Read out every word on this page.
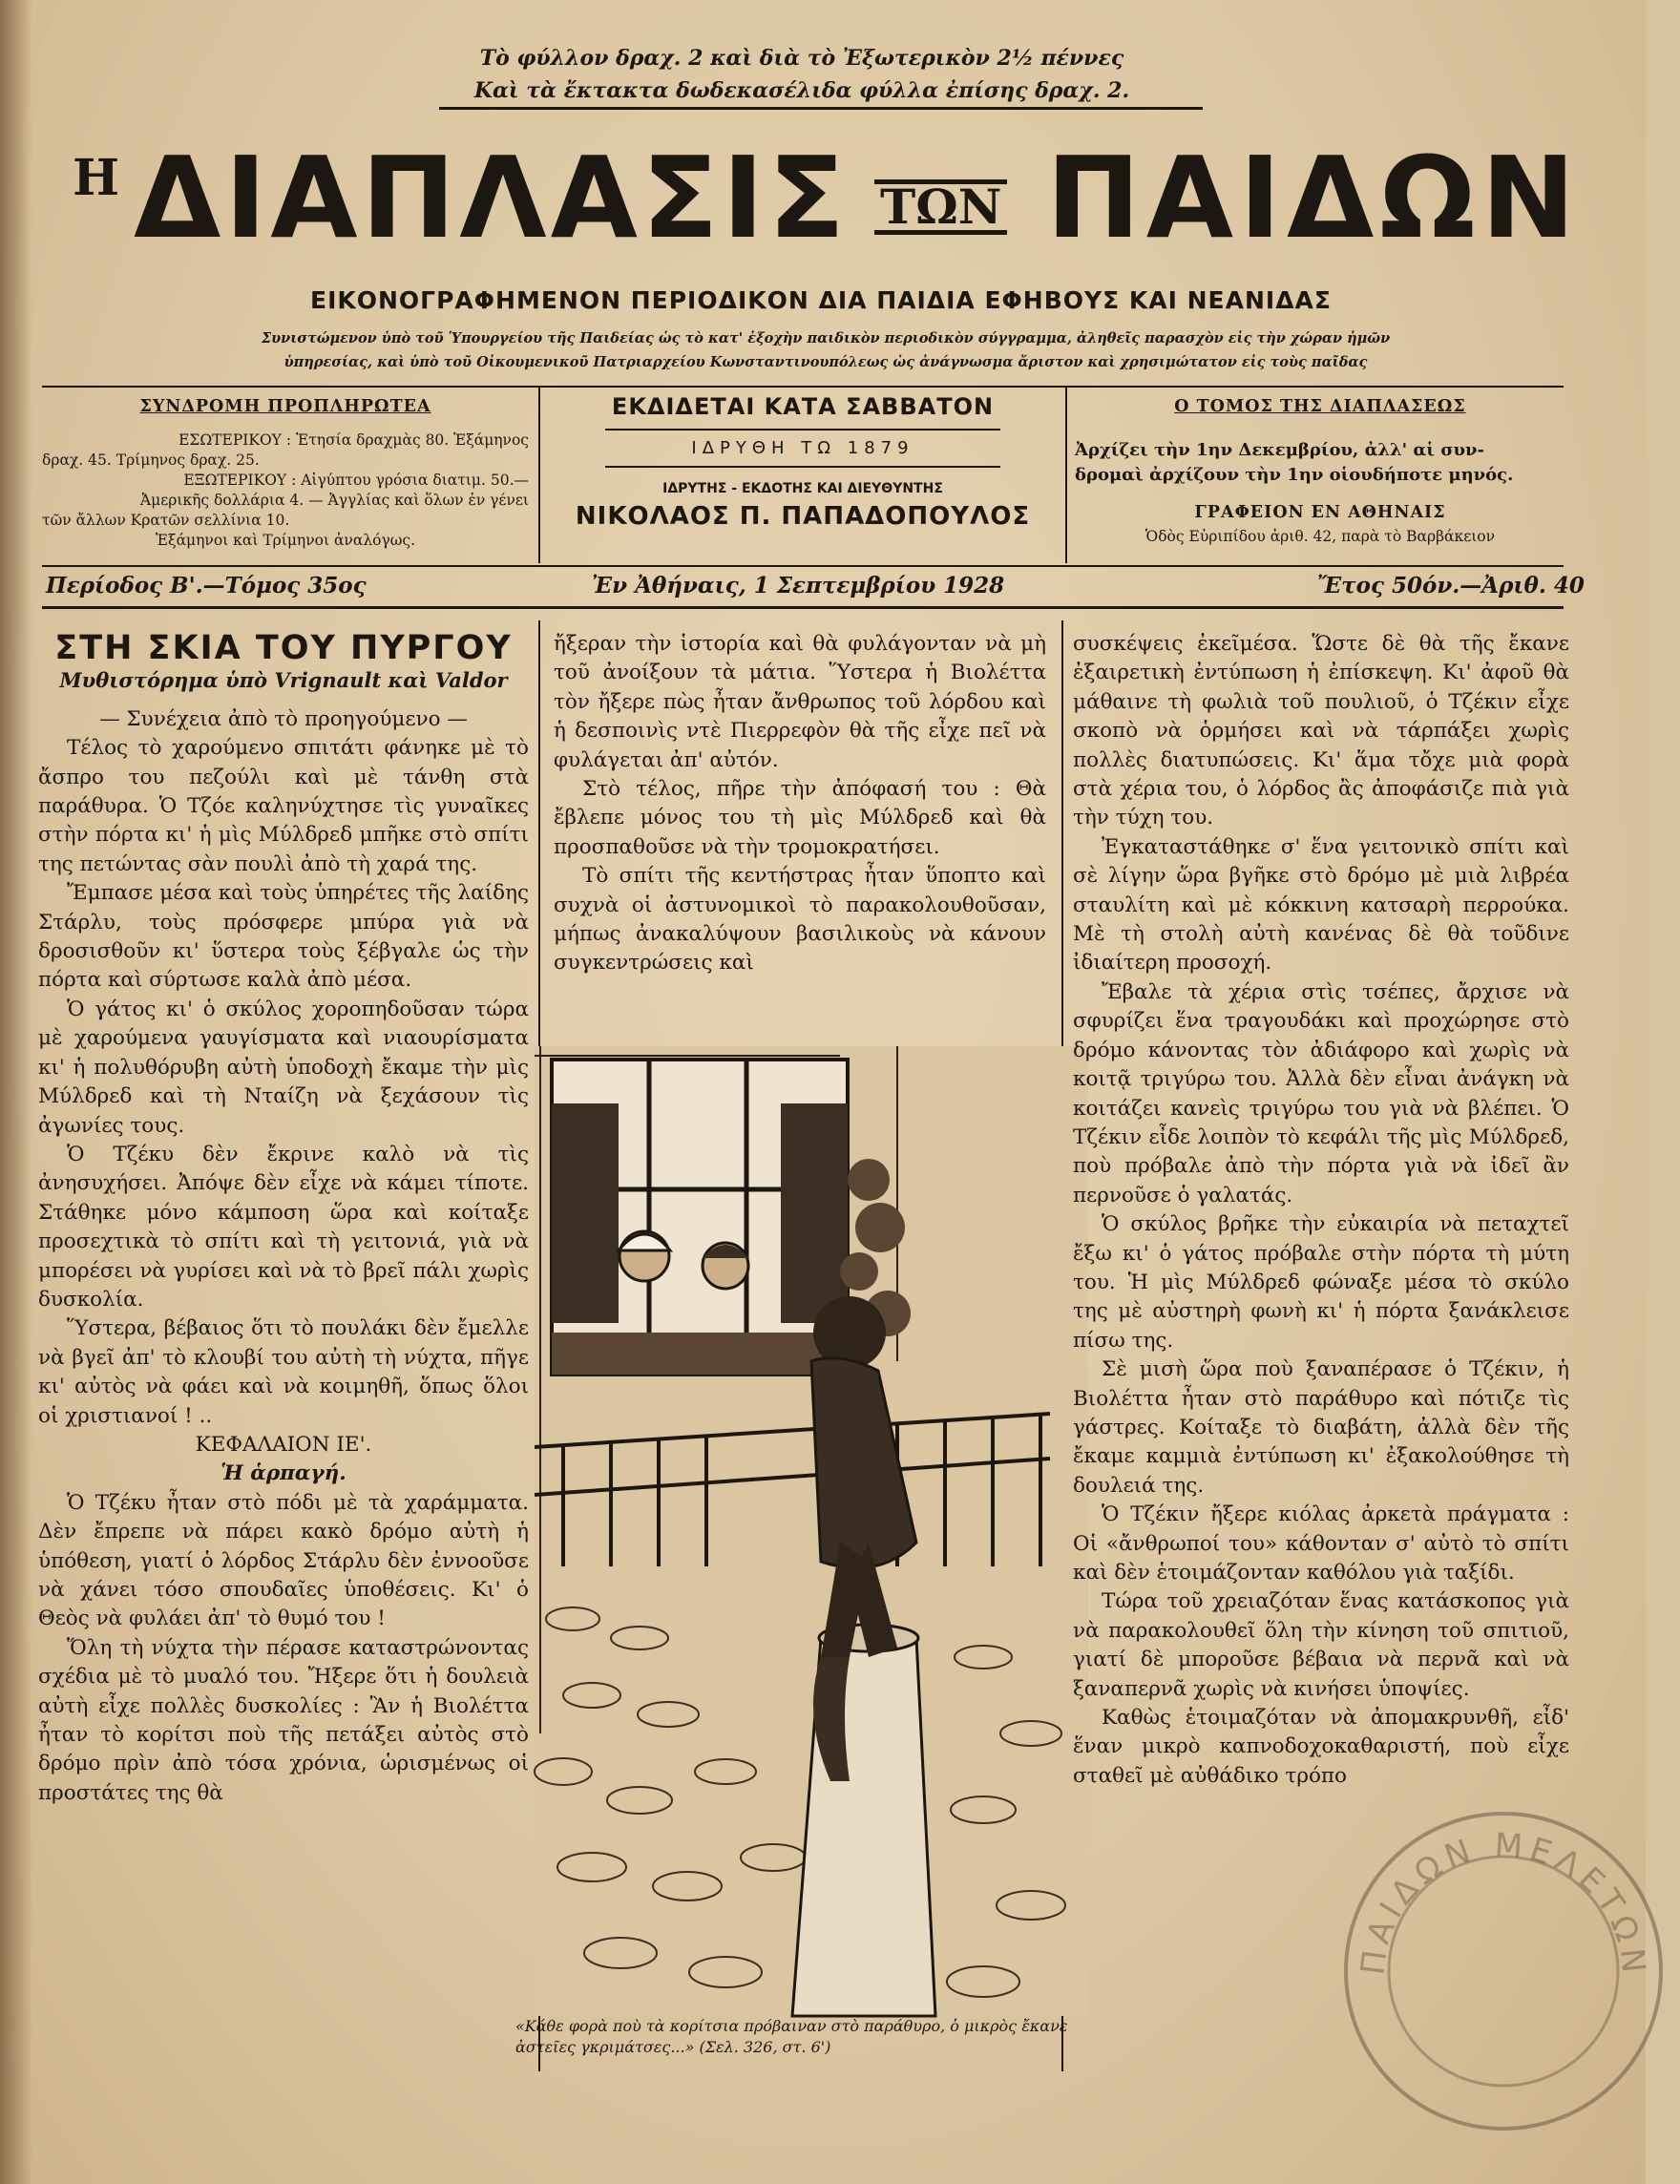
Τὸ φύλλον δραχ. 2 καὶ διὰ τὸ Ἐξωτερικὸν 2½ πέννες
Καὶ τὰ ἔκτακτα δωδεκασέλιδα φύλλα ἐπίσης δραχ. 2.
Η ΔΙΑΠΛΑΣΙΣ ΤΩΝ ΠΑΙΔΩΝ
ΕΙΚΟΝΟΓΡΑΦΗΜΕΝΟΝ ΠΕΡΙΟΔΙΚΟΝ ΔΙΑ ΠΑΙΔΙΑ ΕΦΗΒΟΥΣ ΚΑΙ ΝΕΑΝΙΔΑΣ
Συνιστώμενον ὑπὸ τοῦ Ὑπουργείου τῆς Παιδείας ὡς τὸ κατ' ἐξοχὴν παιδικὸν περιοδικὸν σύγγραμμα, ἀληθεῖς παρασχὸν εἰς τὴν χώραν ἡμῶν
ὑπηρεσίας, καὶ ὑπὸ τοῦ Οἰκουμενικοῦ Πατριαρχείου Κωνσταντινουπόλεως ὡς ἀνάγνωσμα ἄριστον καὶ χρησιμώτατον εἰς τοὺς παῖδας
ΣΥΝΔΡΟΜΗ ΠΡΟΠΛΗΡΩΤΕΑ
ΕΣΩΤΕΡΙΚΟΥ : Ἐτησία δραχμὰς 80. Ἑξάμηνος
δραχ. 45. Τρίμηνος δραχ. 25.
ΕΞΩΤΕΡΙΚΟΥ : Αἰγύπτου γρόσια διατιμ. 50.—
Ἀμερικῆς δολλάρια 4. — Ἀγγλίας καὶ ὅλων ἐν γένει
τῶν ἄλλων Κρατῶν σελλίνια 10.
Ἑξάμηνοι καὶ Τρίμηνοι ἀναλόγως.
ΕΚΔΙΔΕΤΑΙ ΚΑΤΑ ΣΑΒΒΑΤΟΝ
ΙΔΡΥΘΗ ΤΩ 1879
ΙΔΡΥΤΗΣ - ΕΚΔΟΤΗΣ ΚΑΙ ΔΙΕΥΘΥΝΤΗΣ
ΝΙΚΟΛΑΟΣ Π. ΠΑΠΑΔΟΠΟΥΛΟΣ
Ο ΤΟΜΟΣ ΤΗΣ ΔΙΑΠΛΑΣΕΩΣ
Ἀρχίζει τὴν 1ην Δεκεμβρίου, ἀλλ' αἱ συν-
δρομαὶ ἀρχίζουν τὴν 1ην οἱουδήποτε μηνός.
ΓΡΑΦΕΙΟΝ ΕΝ ΑΘΗΝΑΙΣ
Ὁδὸς Εὐριπίδου ἀριθ. 42, παρὰ τὸ Βαρβάκειον
Περίοδος Β'.—Τόμος 35ος	Ἐν Ἀθήναις, 1 Σεπτεμβρίου 1928	Ἔτος 50όν.—Ἀριθ. 40
ΣΤΗ ΣΚΙΑ ΤΟΥ ΠΥΡΓΟΥ
Μυθιστόρημα ὑπὸ Vrignault καὶ Valdor

— Συνέχεια ἀπὸ τὸ προηγούμενο —

Τέλος τὸ χαρούμενο σπιτάτι φάνηκε μὲ τὸ ἄσπρο του πεζούλι καὶ μὲ τάνθη στὰ παράθυρα. Ὁ Τζόε καληνύχτησε τὶς γυναῖκες στὴν πόρτα κι' ἡ μὶς Μύλδρεδ μπῆκε στὸ σπίτι της πετώντας σὰν πουλὶ ἀπὸ τὴ χαρά της.

Ἔμπασε μέσα καὶ τοὺς ὑπηρέτες τῆς λαίδης Στάρλυ, τοὺς πρόσφερε μπύρα γιὰ νὰ δροσισθοῦν κι' ὕστερα τοὺς ξέβγαλε ὡς τὴν πόρτα καὶ σύρτωσε καλὰ ἀπὸ μέσα.

Ὁ γάτος κι' ὁ σκύλος χοροπηδοῦσαν τώρα μὲ χαρούμενα γαυγίσματα καὶ νιαουρίσματα κι' ἡ πολυθόρυβη αὐτὴ ὑποδοχὴ ἔκαμε τὴν μὶς Μύλδρεδ καὶ τὴ Νταίζη νὰ ξεχάσουν τὶς ἀγωνίες τους.

Ὁ Τζέκυ δὲν ἔκρινε καλὸ νὰ τὶς ἀνησυχήσει. Ἀπόψε δὲν εἶχε νὰ κάμει τίποτε. Στάθηκε μόνο κάμποση ὥρα καὶ κοίταξε προσεχτικὰ τὸ σπίτι καὶ τὴ γειτονιά, γιὰ νὰ μπορέσει νὰ γυρίσει καὶ νὰ τὸ βρεῖ πάλι χωρὶς δυσκολία.

Ὕστερα, βέβαιος ὅτι τὸ πουλάκι δὲν ἔμελλε νὰ βγεῖ ἀπ' τὸ κλουβί του αὐτὴ τὴ νύχτα, πῆγε κι' αὐτὸς νὰ φάει καὶ νὰ κοιμηθῆ, ὅπως ὅλοι οἱ χριστιανοί ! ..

ΚΕΦΑΛΑΙΟΝ ΙΕ'.

Ἡ ἁρπαγή.

Ὁ Τζέκυ ἦταν στὸ πόδι μὲ τὰ χαράμματα. Δὲν ἔπρεπε νὰ πάρει κακὸ δρόμο αὐτὴ ἡ ὑπόθεση, γιατί ὁ λόρδος Στάρλυ δὲν ἐννοοῦσε νὰ χάνει τόσο σπουδαῖες ὑποθέσεις. Κι' ὁ Θεὸς νὰ φυλάει ἀπ' τὸ θυμό του !

Ὅλη τὴ νύχτα τὴν πέρασε καταστρώνοντας σχέδια μὲ τὸ μυαλό του. Ἤξερε ὅτι ἡ δουλειὰ αὐτὴ εἶχε πολλὲς δυσκολίες : Ἂν ἡ Βιολέττα ἦταν τὸ κορίτσι ποὺ τῆς πετάξει αὐτὸς στὸ δρόμο πρὶν ἀπὸ τόσα χρόνια, ὡρισμένως οἱ προστάτες της θὰ

ἤξεραν τὴν ἱστορία καὶ θὰ φυλάγονταν νὰ μὴ τοῦ ἀνοίξουν τὰ μάτια. Ὕστερα ἡ Βιολέττα τὸν ἤξερε πὼς ἦταν ἄνθρωπος τοῦ λόρδου καὶ ἡ δεσποινὶς ντὲ Πιερρεφὸν θὰ τῆς εἶχε πεῖ νὰ φυλάγεται ἀπ' αὐτόν.

Στὸ τέλος, πῆρε τὴν ἀπόφασή του : Θὰ ἔβλεπε μόνος του τὴ μὶς Μύλδρεδ καὶ θὰ προσπαθοῦσε νὰ τὴν τρομοκρατήσει.

Τὸ σπίτι τῆς κεντήστρας ἦταν ὕποπτο καὶ συχνὰ οἱ ἀστυνομικοὶ τὸ παρακολουθοῦσαν, μήπως ἀνακαλύψουν βασιλικοὺς νὰ κάνουν συγκεντρώσεις καὶ

«Κάθε φορὰ ποὺ τὰ κορίτσια πρόβαιναν στὸ παράθυρο, ὁ μικρὸς ἔκανε ἀστεῖες γκριμάτσες...» (Σελ. 326, στ. 6')

συσκέψεις ἐκεῖμέσα. Ὥστε δὲ θὰ τῆς ἔκανε ἐξαιρετικὴ ἐντύπωση ἡ ἐπίσκεψη. Κι' ἀφοῦ θὰ μάθαινε τὴ φωλιὰ τοῦ πουλιοῦ, ὁ Τζέκιν εἶχε σκοπὸ νὰ ὁρμήσει καὶ νὰ τάρπάξει χωρὶς πολλὲς διατυπώσεις. Κι' ἅμα τὄχε μιὰ φορὰ στὰ χέρια του, ὁ λόρδος ἂς ἀποφάσιζε πιὰ γιὰ τὴν τύχη του.

Ἐγκαταστάθηκε σ' ἕνα γειτονικὸ σπίτι καὶ σὲ λίγην ὥρα βγῆκε στὸ δρόμο μὲ μιὰ λιβρέα σταυλίτη καὶ μὲ κόκκινη κατσαρὴ περρούκα. Μὲ τὴ στολὴ αὐτὴ κανένας δὲ θὰ τοῦδινε ἰδιαίτερη προσοχή.

Ἔβαλε τὰ χέρια στὶς τσέπες, ἄρχισε νὰ σφυρίζει ἕνα τραγουδάκι καὶ προχώρησε στὸ δρόμο κάνοντας τὸν ἀδιάφορο καὶ χωρὶς νὰ κοιτᾷ τριγύρω του. Ἀλλὰ δὲν εἶναι ἀνάγκη νὰ κοιτάζει κανεὶς τριγύρω του γιὰ νὰ βλέπει. Ὁ Τζέκιν εἶδε λοιπὸν τὸ κεφάλι τῆς μὶς Μύλδρεδ, ποὺ πρόβαλε ἀπὸ τὴν πόρτα γιὰ νὰ ἰδεῖ ἂν περνοῦσε ὁ γαλατάς.

Ὁ σκύλος βρῆκε τὴν εὐκαιρία νὰ πεταχτεῖ ἔξω κι' ὁ γάτος πρόβαλε στὴν πόρτα τὴ μύτη του. Ἡ μὶς Μύλδρεδ φώναξε μέσα τὸ σκύλο της μὲ αὐστηρὴ φωνὴ κι' ἡ πόρτα ξανάκλεισε πίσω της.

Σὲ μισὴ ὥρα ποὺ ξαναπέρασε ὁ Τζέκιν, ἡ Βιολέττα ἦταν στὸ παράθυρο καὶ πότιζε τὶς γάστρες. Κοίταξε τὸ διαβάτη, ἀλλὰ δὲν τῆς ἔκαμε καμμιὰ ἐντύπωση κι' ἐξακολούθησε τὴ δουλειά της.

Ὁ Τζέκιν ἤξερε κιόλας ἀρκετὰ πράγματα : Οἱ «ἄνθρωποί του» κάθονταν σ' αὐτὸ τὸ σπίτι καὶ δὲν ἑτοιμάζονταν καθόλου γιὰ ταξίδι.

Τώρα τοῦ χρειαζόταν ἕνας κατάσκοπος γιὰ νὰ παρακολουθεῖ ὅλη τὴν κίνηση τοῦ σπιτιοῦ, γιατί δὲ μποροῦσε βέβαια νὰ περνᾶ καὶ νὰ ξαναπερνᾶ χωρὶς νὰ κινήσει ὑποψίες.

Καθὼς ἑτοιμαζόταν νὰ ἀπομακρυνθῆ, εἶδ' ἕναν μικρὸ καπνοδοχοκαθαριστή, ποὺ εἶχε σταθεῖ μὲ αὐθάδικο τρόπο

ΠΑΙΔΩΝ ΜΕΛΕΤΩΝ
